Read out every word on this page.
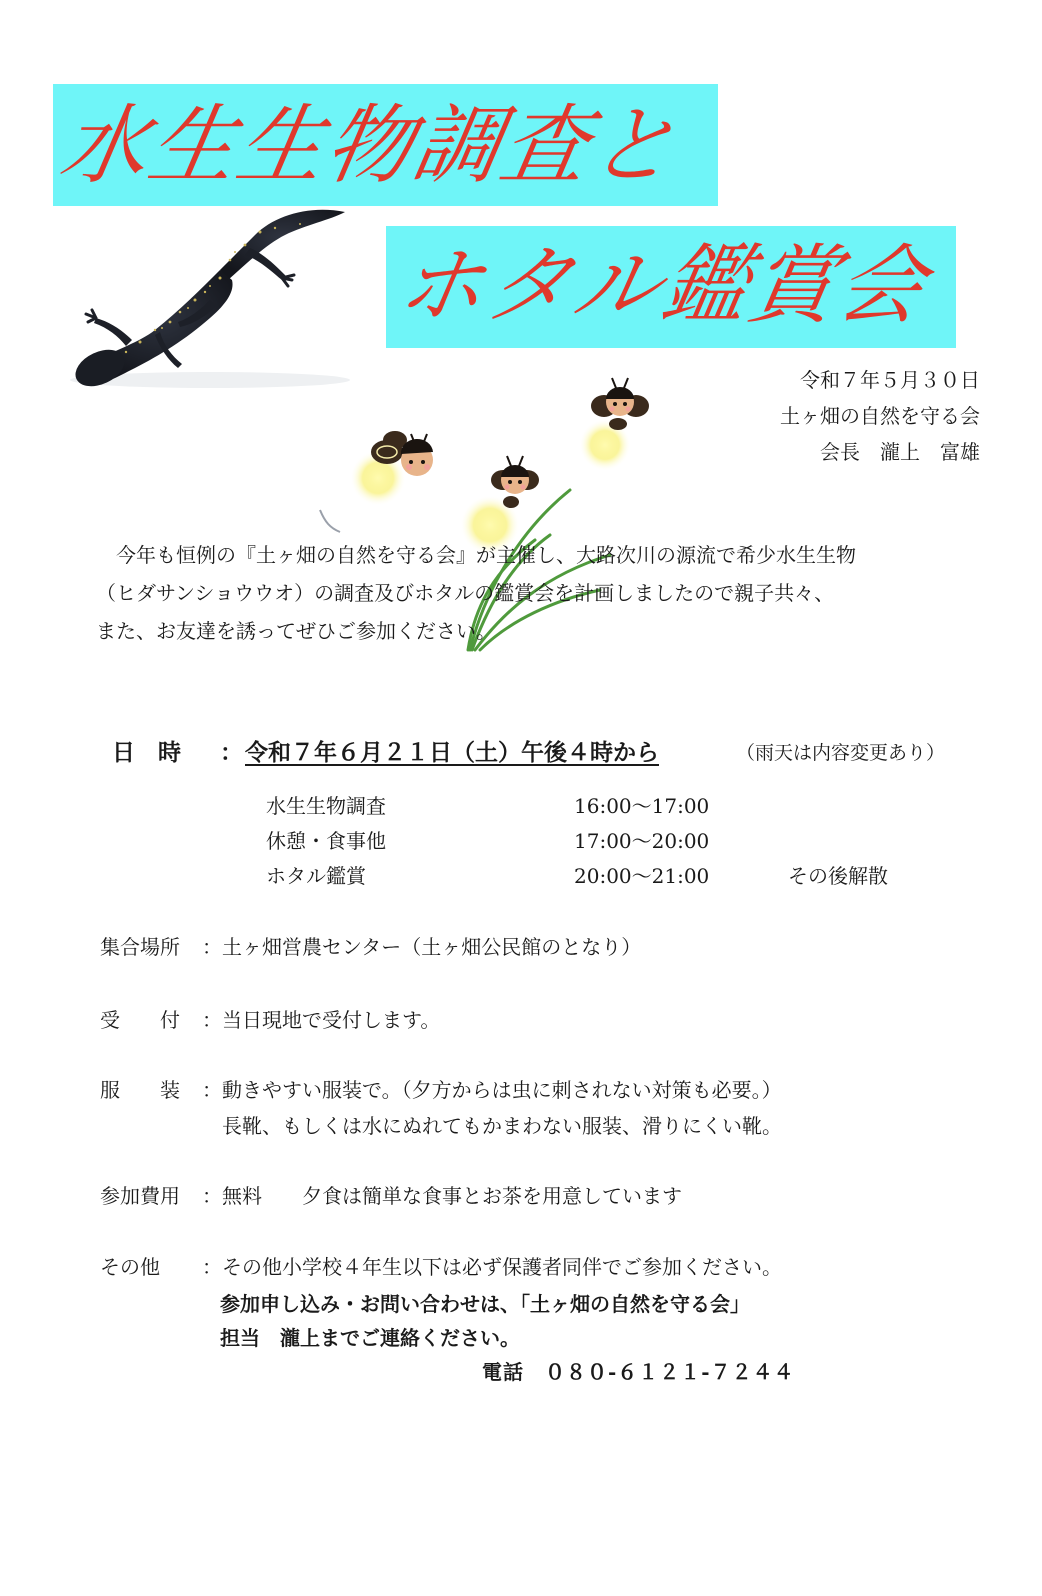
水生生物調査と
ホタル鑑賞会
令和７年５月３０日
土ヶ畑の自然を守る会
会長　瀧上　富雄
　今年も恒例の『土ヶ畑の自然を守る会』が主催し、大路次川の源流で希少水生生物
（ヒダサンショウウオ）の調査及びホタルの鑑賞会を計画しましたので親子共々、
また、お友達を誘ってぜひご参加ください。
日　時 ： 令和７年６月２１日（土）午後４時から	（雨天は内容変更あり）
水生生物調査	16:00～17:00
休憩・食事他	17:00～20:00
ホタル鑑賞	20:00～21:00	その後解散
集合場所 ：土ヶ畑営農センター（土ヶ畑公民館のとなり）
受　　付 ：当日現地で受付します。
服　　装 ：動きやすい服装で。（夕方からは虫に刺されない対策も必要。）
長靴、もしくは水にぬれてもかまわない服装、滑りにくい靴。
参加費用 ：無料　　夕食は簡単な食事とお茶を用意しています
その他 ：その他小学校４年生以下は必ず保護者同伴でご参加ください。
参加申し込み・お問い合わせは、「土ヶ畑の自然を守る会」
担当　瀧上までご連絡ください。
電話　０８０-６１２１-７２４４
